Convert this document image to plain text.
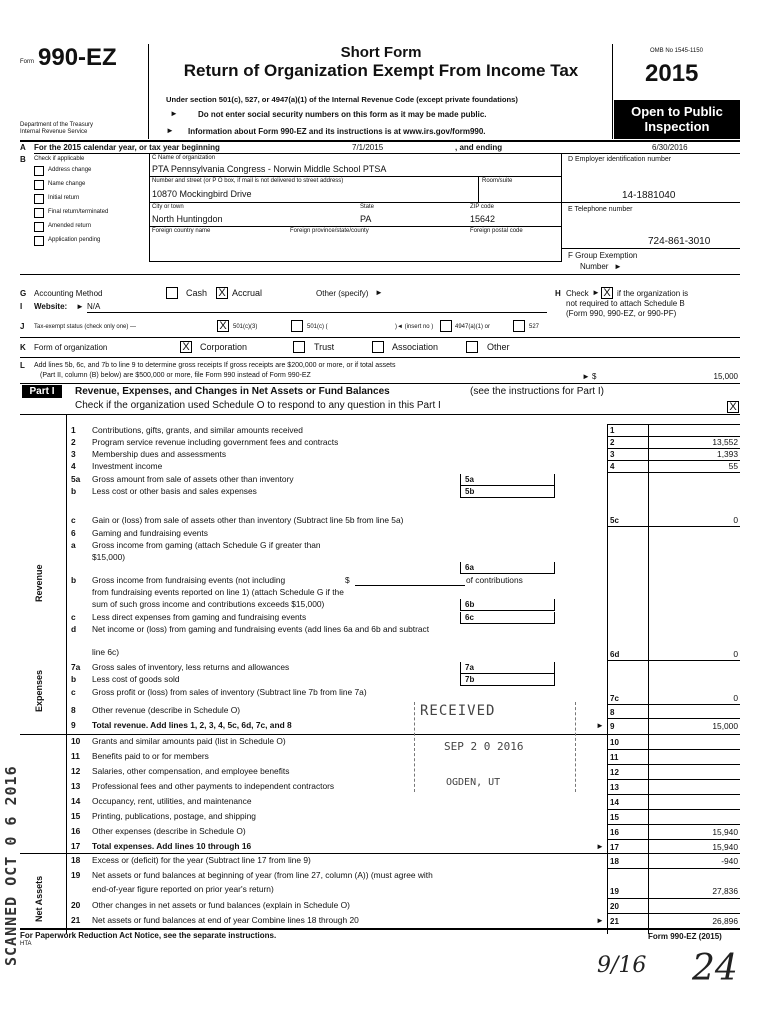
Form 990-EZ
Department of the Treasury
Internal Revenue Service
Short Form
Return of Organization Exempt From Income Tax
Under section 501(c), 527, or 4947(a)(1) of the Internal Revenue Code (except private foundations)
►	Do not enter social security numbers on this form as it may be made public.
► Information about Form 990-EZ and its instructions is at www.irs.gov/form990.
OMB No 1545-1150
2015
Open to Public
Inspection
A For the 2015 calendar year, or tax year beginning	7/1/2015	, and ending	6/30/2016
B Check if applicable
Address change
Name change
Initial return
Final return/terminated
Amended return
Application pending
C Name of organization
PTA Pennsylvania Congress - Norwin Middle School PTSA
Number and street (or P O box, if mail is not delivered to street address)	Room/suite
10870 Mockingbird Drive
City or town	State	ZIP code
North Huntingdon	PA	15642
Foreign country name	Foreign province/state/county	Foreign postal code
D Employer identification number
14-1881040
E Telephone number
724-861-3010
F Group Exemption
Number ►
G Accounting Method	Cash X Accrual	Other (specify) ►
I Website: ► N/A
H Check ► X if the organization is
not required to attach Schedule B
(Form 990, 990-EZ, or 990-PF)
J Tax-exempt status (check only one) —	X	501(c)(3)	501(c) (	)◄ (insert no )	4947(a)(1) or	527
K Form of organization	X Corporation	Trust	Association	Other
L Add lines 5b, 6c, and 7b to line 9 to determine gross receipts If gross receipts are $200,000 or more, or if total assets
(Part II, column (B) below) are $500,000 or more, file Form 990 instead of Form 990-EZ	► $	15,000
Part I	Revenue, Expenses, and Changes in Net Assets or Fund Balances	(see the instructions for Part I)
Check if the organization used Schedule O to respond to any question in this Part I	X
Revenue
Expenses
Net Assets
1	Contributions, gifts, grants, and similar amounts received	1
2	Program service revenue including government fees and contracts	2	13,552
3	Membership dues and assessments	3	1,393
4	Investment income	4	55
5a	Gross amount from sale of assets other than inventory	5a
b	Less cost or other basis and sales expenses	5b
c	Gain or (loss) from sale of assets other than inventory (Subtract line 5b from line 5a)	5c	0
6	Gaming and fundraising events
a	Gross income from gaming (attach Schedule G if greater than
$15,000)
6a
b	Gross income from fundraising events (not including	$	of contributions
from fundraising events reported on line 1) (attach Schedule G if the
sum of such gross income and contributions exceeds $15,000)	6b
c	Less direct expenses from gaming and fundraising events	6c
d	Net income or (loss) from gaming and fundraising events (add lines 6a and 6b and subtract
line 6c)	6d	0
7a	Gross sales of inventory, less returns and allowances	7a
b	Less cost of goods sold	7b
c	Gross profit or (loss) from sales of inventory (Subtract line 7b from line 7a)
7c	0
8	Other revenue (describe in Schedule O)	8
9	Total revenue. Add lines 1, 2, 3, 4, 5c, 6d, 7c, and 8	► 9	15,000
10	Grants and similar amounts paid (list in Schedule O)	10
11	Benefits paid to or for members	11
12	Salaries, other compensation, and employee benefits	12
13	Professional fees and other payments to independent contractors	13
14	Occupancy, rent, utilities, and maintenance	14
15	Printing, publications, postage, and shipping	15
16	Other expenses (describe in Schedule O)	16	15,940
17	Total expenses. Add lines 10 through 16	► 17	15,940
18	Excess or (deficit) for the year (Subtract line 17 from line 9)	18	-940
19	Net assets or fund balances at beginning of year (from line 27, column (A)) (must agree with
end-of-year figure reported on prior year's return)	19	27,836
20	Other changes in net assets or fund balances (explain in Schedule O)	20
21	Net assets or fund balances at end of year Combine lines 18 through 20	► 21	26,896
For Paperwork Reduction Act Notice, see the separate instructions.
HTA
Form 990-EZ (2015)
RECEIVED
SEP 2 0 2016
OGDEN, UT
SCANNED OCT 0 6 2016	9/16 24
